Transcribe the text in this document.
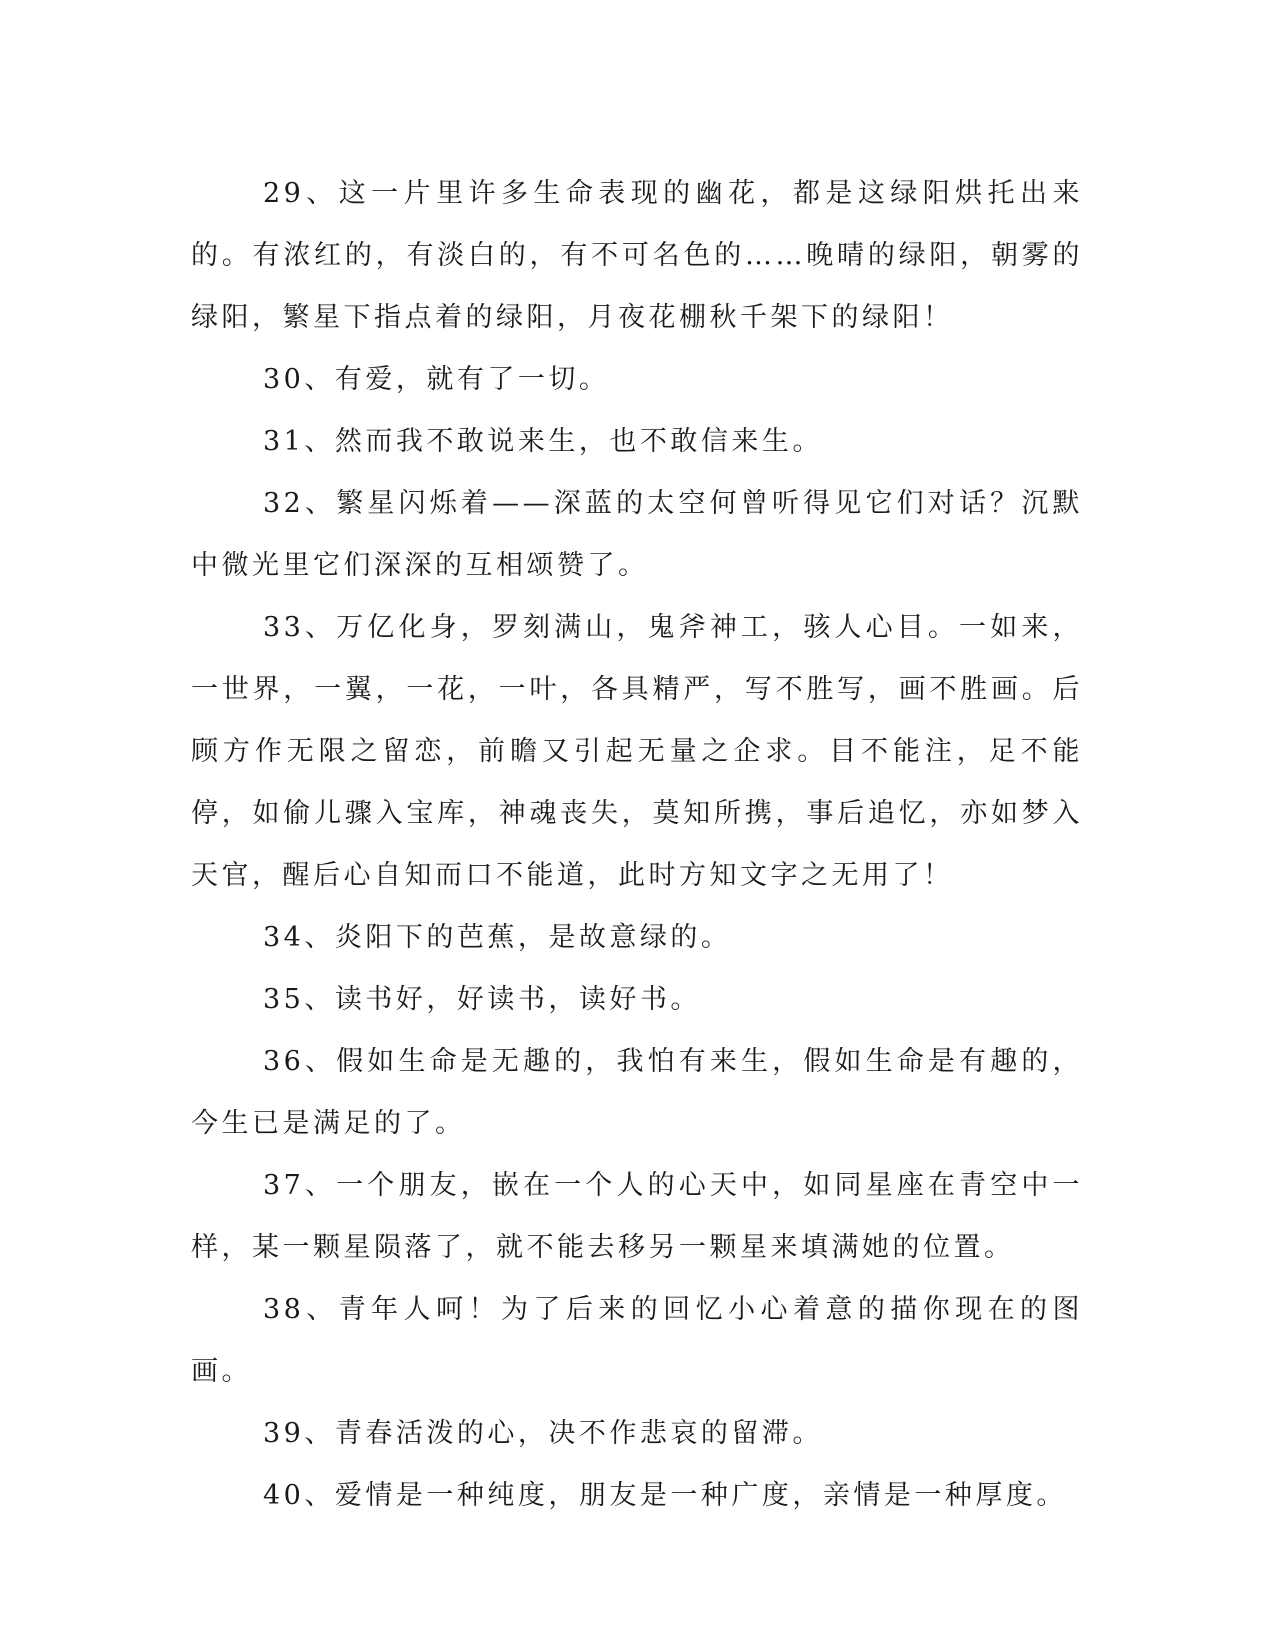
29、这一片里许多生命表现的幽花，都是这绿阳烘托出来的。有浓红的，有淡白的，有不可名色的……晚晴的绿阳，朝雾的绿阳，繁星下指点着的绿阳，月夜花棚秋千架下的绿阳！

30、有爱，就有了一切。

31、然而我不敢说来生，也不敢信来生。

32、繁星闪烁着——深蓝的太空何曾听得见它们对话？沉默中微光里它们深深的互相颂赞了。

33、万亿化身，罗刻满山，鬼斧神工，骇人心目。一如来，一世界，一翼，一花，一叶，各具精严，写不胜写，画不胜画。后顾方作无限之留恋，前瞻又引起无量之企求。目不能注，足不能停，如偷儿骤入宝库，神魂丧失，莫知所携，事后追忆，亦如梦入天官，醒后心自知而口不能道，此时方知文字之无用了！

34、炎阳下的芭蕉，是故意绿的。

35、读书好，好读书，读好书。

36、假如生命是无趣的，我怕有来生，假如生命是有趣的，今生已是满足的了。

37、一个朋友，嵌在一个人的心天中，如同星座在青空中一样，某一颗星陨落了，就不能去移另一颗星来填满她的位置。

38、青年人呵！为了后来的回忆小心着意的描你现在的图画。

39、青春活泼的心，决不作悲哀的留滞。

40、爱情是一种纯度，朋友是一种广度，亲情是一种厚度。
